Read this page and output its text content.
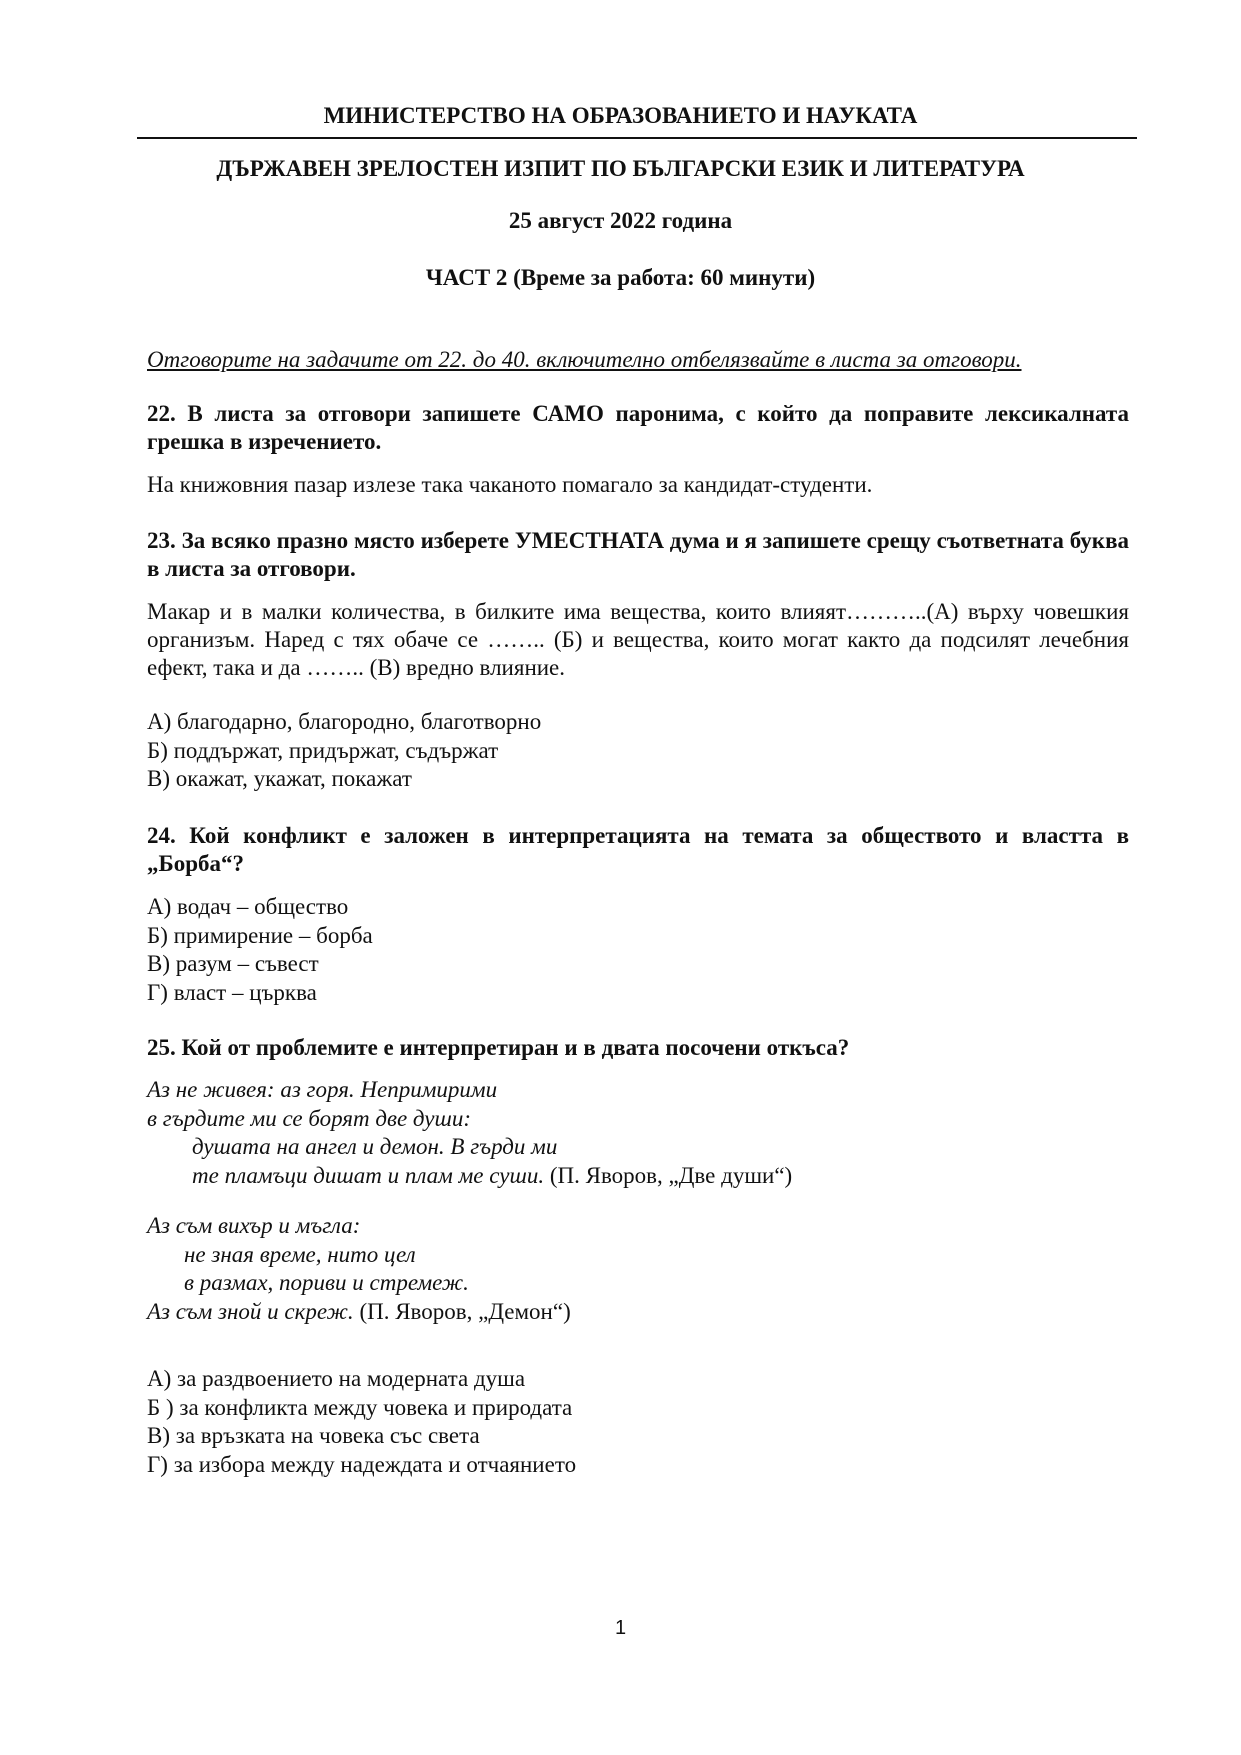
МИНИСТЕРСТВО НА ОБРАЗОВАНИЕТО И НАУКАТА
ДЪРЖАВЕН ЗРЕЛОСТЕН ИЗПИТ ПО БЪЛГАРСКИ ЕЗИК И ЛИТЕРАТУРА
25 август 2022 година
ЧАСТ 2 (Време за работа: 60 минути)
Отговорите на задачите от 22. до 40. включително отбелязвайте в листа за отговори.
22. В листа за отговори запишете САМО паронима, с който да поправите лексикалната грешка в изречението.
На книжовния пазар излезе така чаканото помагало за кандидат-студенти.
23. За всяко празно място изберете УМЕСТНАТА дума и я запишете срещу съответната буква в листа за отговори.
Макар и в малки количества, в билките има вещества, които влияят………..(А) върху човешкия организъм. Наред с тях обаче се …….. (Б) и вещества, които могат както да подсилят лечебния ефект, така и да …….. (В) вредно влияние.
А) благодарно, благородно, благотворно
Б) поддържат, придържат, съдържат
В) окажат, укажат, покажат
24. Кой конфликт е заложен в интерпретацията на темата за обществото и властта в „Борба“?
А) водач – общество
Б) примирение – борба
В) разум – съвест
Г) власт – църква
25. Кой от проблемите е интерпретиран и в двата посочени откъса?
Аз не живея: аз горя. Непримирими
в гърдите ми се борят две души:
душата на ангел и демон. В гърди ми
те пламъци дишат и плам ме суши. (П. Яворов, „Две души“)
Аз съм вихър и мъгла:
не зная време, нито цел
в размах, пориви и стремеж.
Аз съм зной и скреж. (П. Яворов, „Демон“)
А) за раздвоението на модерната душа
Б ) за конфликта между човека и природата
В) за връзката на човека със света
Г) за избора между надеждата и отчаянието
1
